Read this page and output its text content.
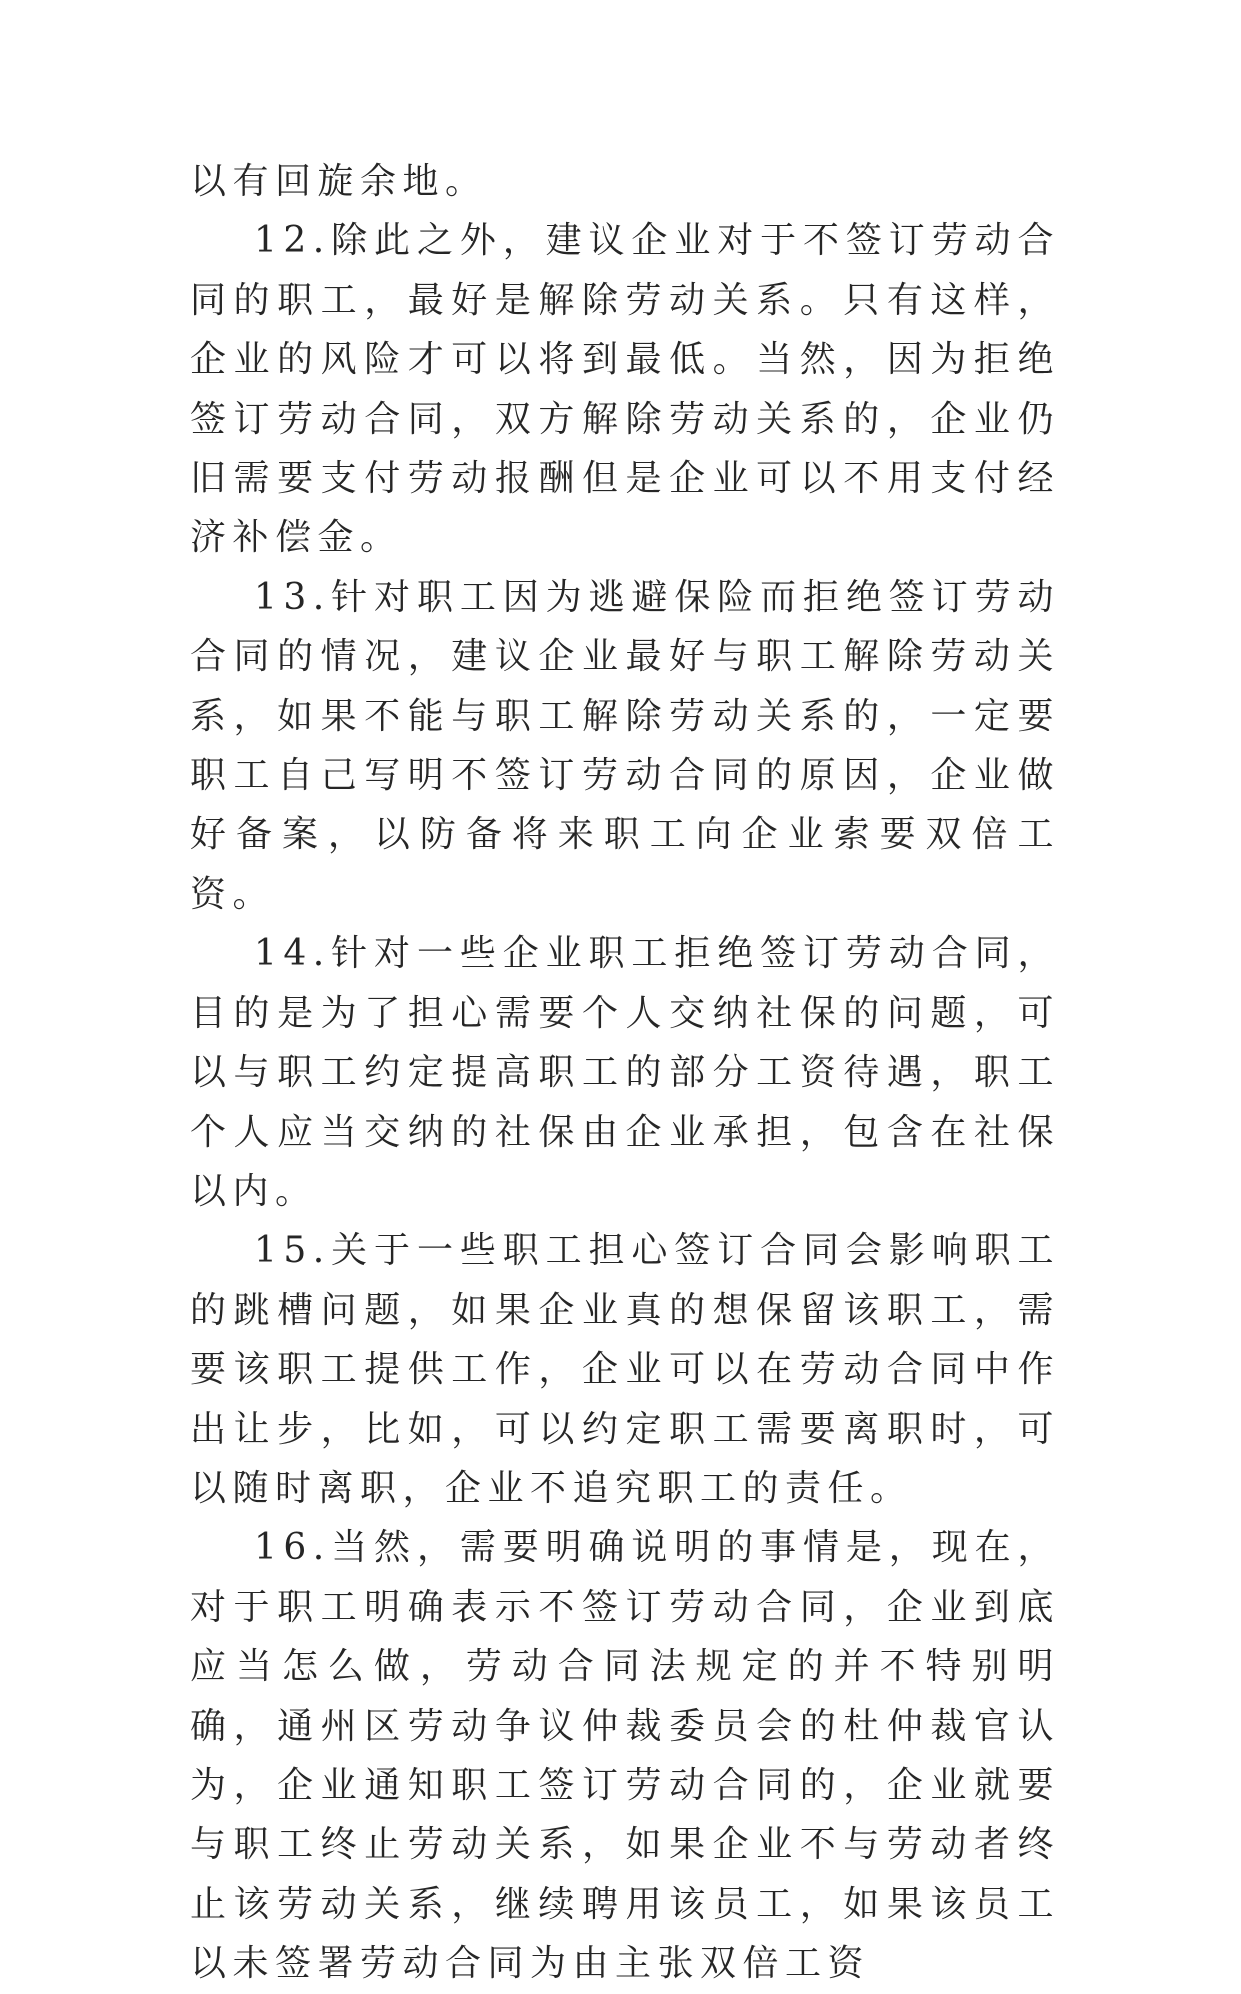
以有回旋余地。

12.除此之外，建议企业对于不签订劳动合同的职工，最好是解除劳动关系。只有这样，企业的风险才可以将到最低。当然，因为拒绝签订劳动合同，双方解除劳动关系的，企业仍旧需要支付劳动报酬但是企业可以不用支付经济补偿金。

13.针对职工因为逃避保险而拒绝签订劳动合同的情况，建议企业最好与职工解除劳动关系，如果不能与职工解除劳动关系的，一定要职工自己写明不签订劳动合同的原因，企业做好备案，以防备将来职工向企业索要双倍工资。

14.针对一些企业职工拒绝签订劳动合同，目的是为了担心需要个人交纳社保的问题，可以与职工约定提高职工的部分工资待遇，职工个人应当交纳的社保由企业承担，包含在社保以内。

15.关于一些职工担心签订合同会影响职工的跳槽问题，如果企业真的想保留该职工，需要该职工提供工作，企业可以在劳动合同中作出让步，比如，可以约定职工需要离职时，可以随时离职，企业不追究职工的责任。

16.当然，需要明确说明的事情是，现在，对于职工明确表示不签订劳动合同，企业到底应当怎么做，劳动合同法规定的并不特别明确，通州区劳动争议仲裁委员会的杜仲裁官认为，企业通知职工签订劳动合同的，企业就要与职工终止劳动关系，如果企业不与劳动者终止该劳动关系，继续聘用该员工，如果该员工以未签署劳动合同为由主张双倍工资
